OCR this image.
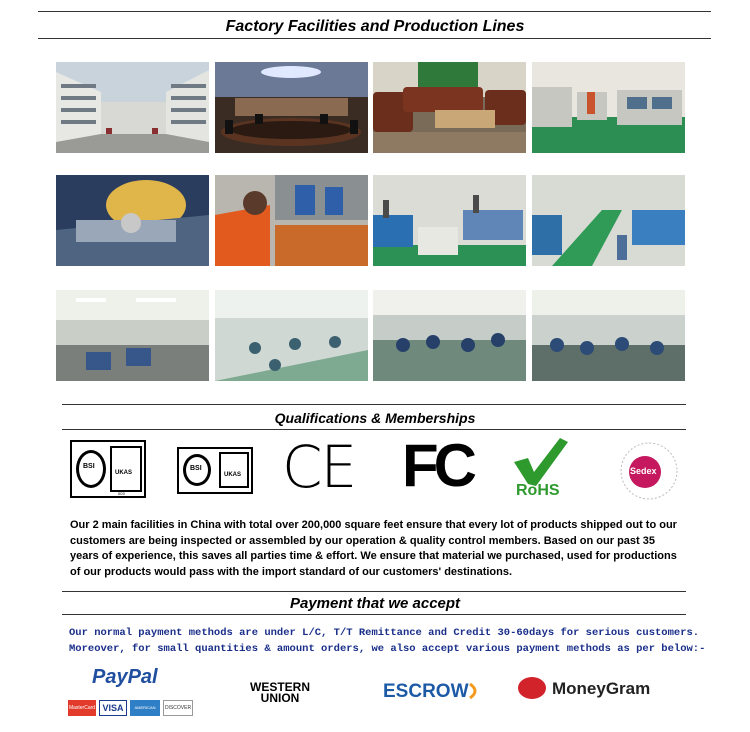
Factory Facilities and Production Lines
Qualifications & Memberships
BSI
UKAS
003
BSI
UKAS CE FC	RoHS
Sedex
Our 2 main facilities in China with total over 200,000 square feet ensure that every lot of products shipped out to our customers are being inspected or assembled by our operation & quality control members. Based on our past 35 years of experience, this saves all parties time & effort. We ensure that material we purchased, used for productions of our products would pass with the import standard of our customers' destinations.
Payment that we accept
Our normal payment methods are under L/C, T/T Remittance and Credit 30-60days for serious customers.
Moreover, for small quantities & amount orders, we also accept various payment methods as per below:-
PayPal
MasterCard VISA	AMERICAN EXPRESS
DISCOVER
WESTERN
UNION	ESCROW	MoneyGram
